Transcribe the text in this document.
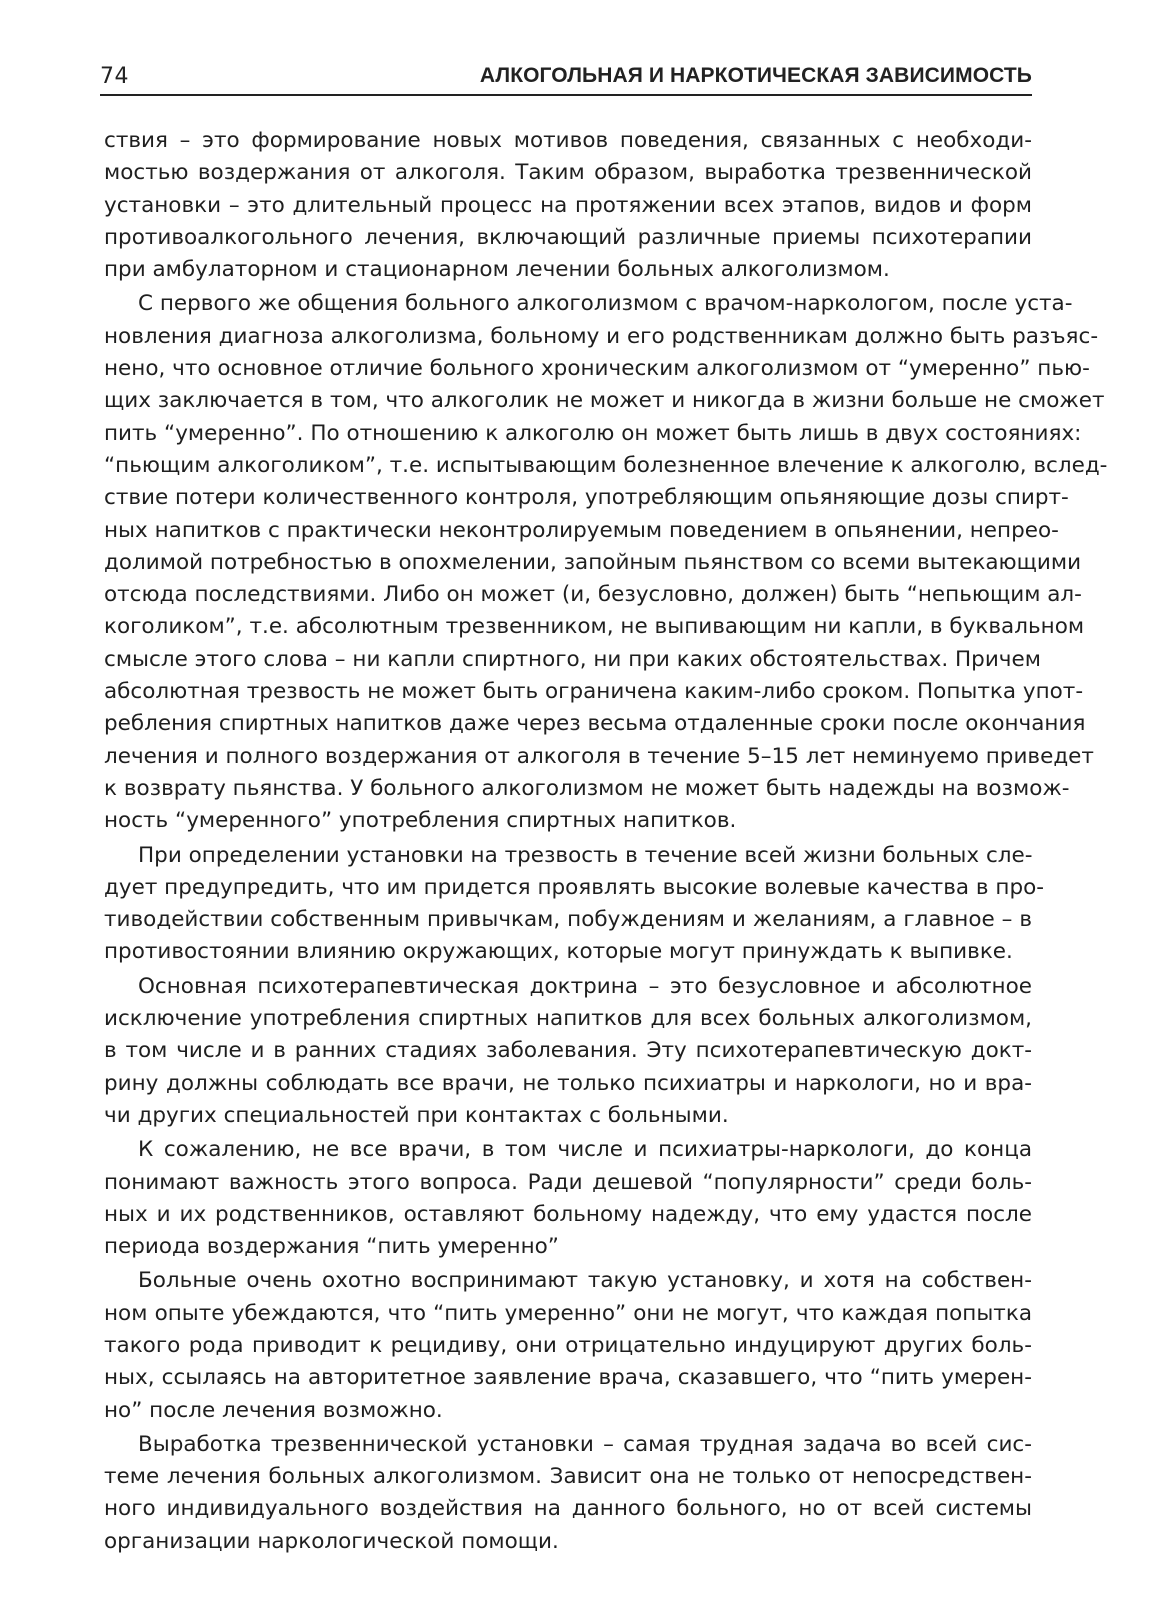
74	АЛКОГОЛЬНАЯ И НАРКОТИЧЕСКАЯ ЗАВИСИМОСТЬ
ствия – это формирование новых мотивов поведения, связанных с необходи-
мостью воздержания от алкоголя. Таким образом, выработка трезвеннической
установки – это длительный процесс на протяжении всех этапов, видов и форм
противоалкогольного лечения, включающий различные приемы психотерапии
при амбулаторном и стационарном лечении больных алкоголизмом.
С первого же общения больного алкоголизмом с врачом-наркологом, после уста-
новления диагноза алкоголизма, больному и его родственникам должно быть разъяс-
нено, что основное отличие больного хроническим алкоголизмом от “умеренно” пью-
щих заключается в том, что алкоголик не может и никогда в жизни больше не сможет
пить “умеренно”. По отношению к алкоголю он может быть лишь в двух состояниях:
“пьющим алкоголиком”, т.е. испытывающим болезненное влечение к алкоголю, вслед-
ствие потери количественного контроля, употребляющим опьяняющие дозы спирт-
ных напитков с практически неконтролируемым поведением в опьянении, непрео-
долимой потребностью в опохмелении, запойным пьянством со всеми вытекающими
отсюда последствиями. Либо он может (и, безусловно, должен) быть “непьющим ал-
коголиком”, т.е. абсолютным трезвенником, не выпивающим ни капли, в буквальном
смысле этого слова – ни капли спиртного, ни при каких обстоятельствах. Причем
абсолютная трезвость не может быть ограничена каким-либо сроком. Попытка упот-
ребления спиртных напитков даже через весьма отдаленные сроки после окончания
лечения и полного воздержания от алкоголя в течение 5–15 лет неминуемо приведет
к возврату пьянства. У больного алкоголизмом не может быть надежды на возмож-
ность “умеренного” употребления спиртных напитков.
При определении установки на трезвость в течение всей жизни больных сле-
дует предупредить, что им придется проявлять высокие волевые качества в про-
тиводействии собственным привычкам, побуждениям и желаниям, а главное – в
противостоянии влиянию окружающих, которые могут принуждать к выпивке.
Основная психотерапевтическая доктрина – это безусловное и абсолютное
исключение употребления спиртных напитков для всех больных алкоголизмом,
в том числе и в ранних стадиях заболевания. Эту психотерапевтическую докт-
рину должны соблюдать все врачи, не только психиатры и наркологи, но и вра-
чи других специальностей при контактах с больными.
К сожалению, не все врачи, в том числе и психиатры-наркологи, до конца
понимают важность этого вопроса. Ради дешевой “популярности” среди боль-
ных и их родственников, оставляют больному надежду, что ему удастся после
периода воздержания “пить умеренно”
Больные очень охотно воспринимают такую установку, и хотя на собствен-
ном опыте убеждаются, что “пить умеренно” они не могут, что каждая попытка
такого рода приводит к рецидиву, они отрицательно индуцируют других боль-
ных, ссылаясь на авторитетное заявление врача, сказавшего, что “пить умерен-
но” после лечения возможно.
Выработка трезвеннической установки – самая трудная задача во всей сис-
теме лечения больных алкоголизмом. Зависит она не только от непосредствен-
ного индивидуального воздействия на данного больного, но от всей системы
организации наркологической помощи.
